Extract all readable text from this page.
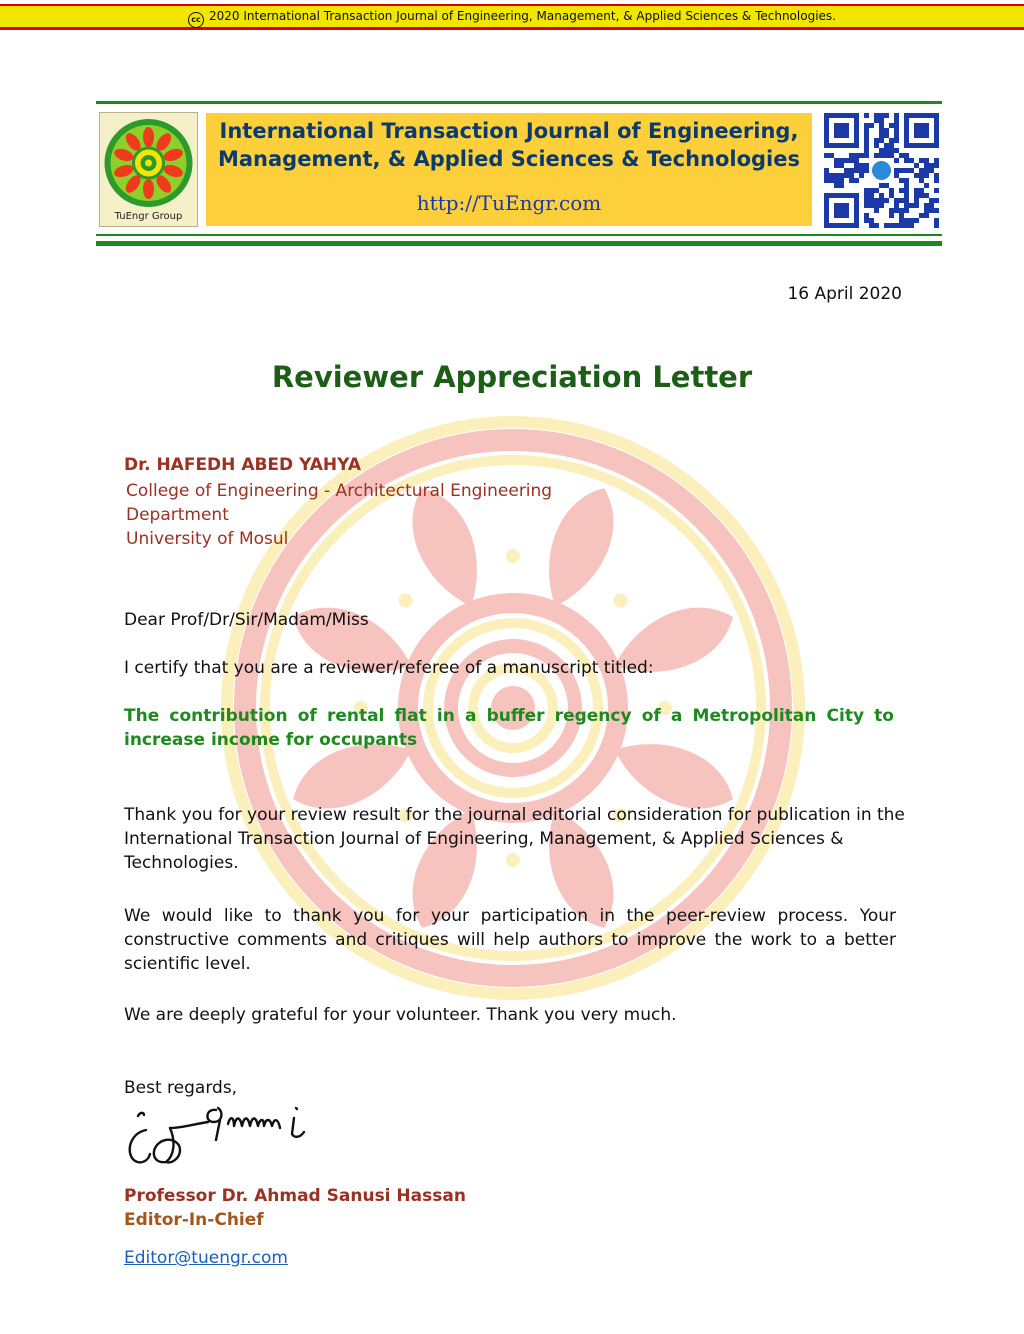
cc 2020 International Transaction Journal of Engineering, Management, & Applied Sciences & Technologies.
TuEngr Group
International Transaction Journal of Engineering,
Management, & Applied Sciences & Technologies
http://TuEngr.com
16 April 2020
Reviewer Appreciation Letter
Dr. HAFEDH ABED YAHYA
College of Engineering - Architectural Engineering
Department
University of Mosul
Dear Prof/Dr/Sir/Madam/Miss
I certify that you are a reviewer/referee of a manuscript titled:
The contribution of rental flat in a buffer regency of a Metropolitan City to increase income for occupants
Thank you for your review result for the journal editorial consideration for publication in the International Transaction Journal of Engineering, Management, & Applied Sciences & Technologies.
We would like to thank you for your participation in the peer-review process. Your constructive comments and critiques will help authors to improve the work to a better scientific level.
We are deeply grateful for your volunteer. Thank you very much.
Best regards,
Professor Dr. Ahmad Sanusi Hassan
Editor-In-Chief
Editor@tuengr.com
